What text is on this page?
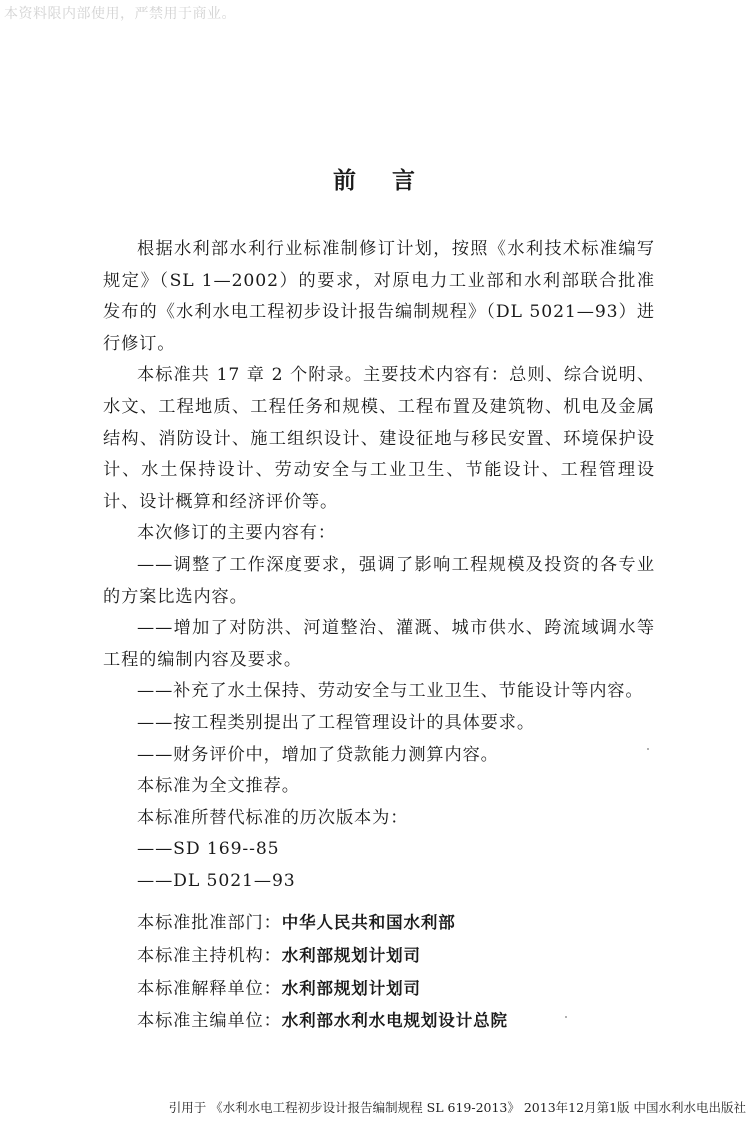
本资料限内部使用，严禁用于商业。
前言

根据水利部水利行业标准制修订计划，按照《水利技术标准编写规定》（SL 1—2002）的要求，对原电力工业部和水利部联合批准发布的《水利水电工程初步设计报告编制规程》（DL 5021—93）进行修订。

本标准共 17 章 2 个附录。主要技术内容有：总则、综合说明、水文、工程地质、工程任务和规模、工程布置及建筑物、机电及金属结构、消防设计、施工组织设计、建设征地与移民安置、环境保护设计、水土保持设计、劳动安全与工业卫生、节能设计、工程管理设计、设计概算和经济评价等。

本次修订的主要内容有：

——调整了工作深度要求，强调了影响工程规模及投资的各专业的方案比选内容。

——增加了对防洪、河道整治、灌溉、城市供水、跨流域调水等工程的编制内容及要求。

——补充了水土保持、劳动安全与工业卫生、节能设计等内容。

——按工程类别提出了工程管理设计的具体要求。

——财务评价中，增加了贷款能力测算内容。

本标准为全文推荐。

本标准所替代标准的历次版本为：

——SD 169--85

——DL 5021—93

本标准批准部门：中华人民共和国水利部

本标准主持机构：水利部规划计划司

本标准解释单位：水利部规划计划司

本标准主编单位：水利部水利水电规划设计总院

引用于 《水利水电工程初步设计报告编制规程 SL 619-2013》 2013年12月第1版 中国水利水电出版社
